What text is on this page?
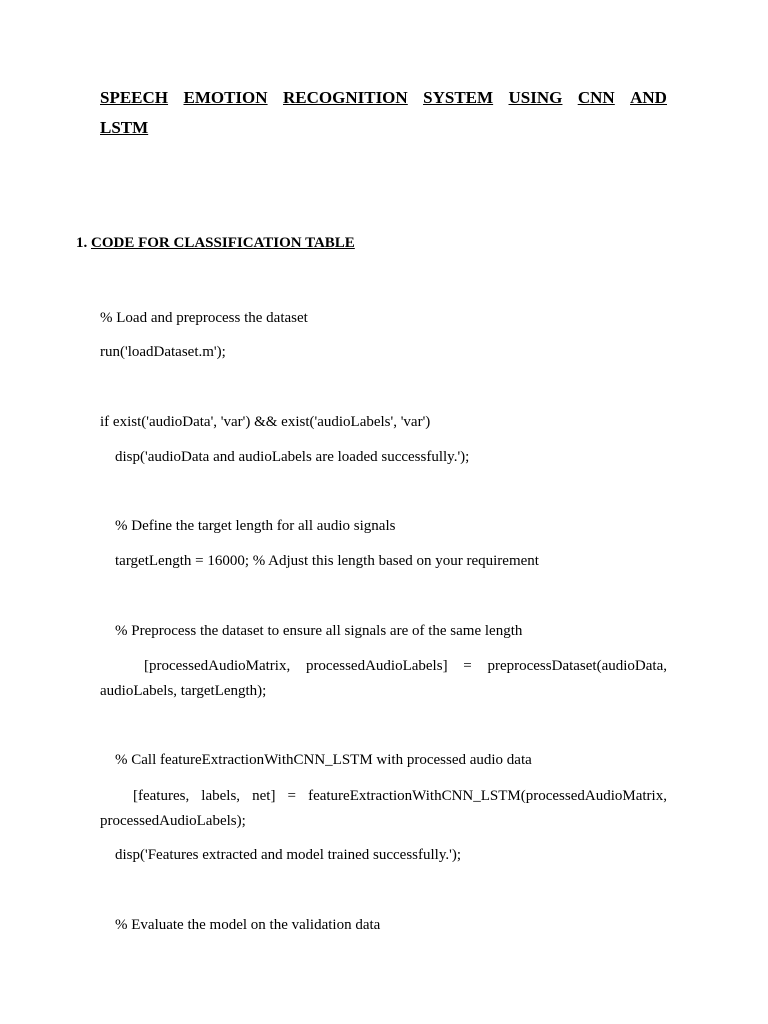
SPEECH EMOTION RECOGNITION SYSTEM USING CNN AND
LSTM
1. CODE FOR CLASSIFICATION TABLE
% Load and preprocess the dataset
run('loadDataset.m');
if exist('audioData', 'var') && exist('audioLabels', 'var')
disp('audioData and audioLabels are loaded successfully.');
% Define the target length for all audio signals
targetLength = 16000; % Adjust this length based on your requirement
% Preprocess the dataset to ensure all signals are of the same length
[processedAudioMatrix, processedAudioLabels] = preprocessDataset(audioData,
audioLabels, targetLength);
% Call featureExtractionWithCNN_LSTM with processed audio data
[features, labels, net] = featureExtractionWithCNN_LSTM(processedAudioMatrix,
processedAudioLabels);
disp('Features extracted and model trained successfully.');
% Evaluate the model on the validation data
